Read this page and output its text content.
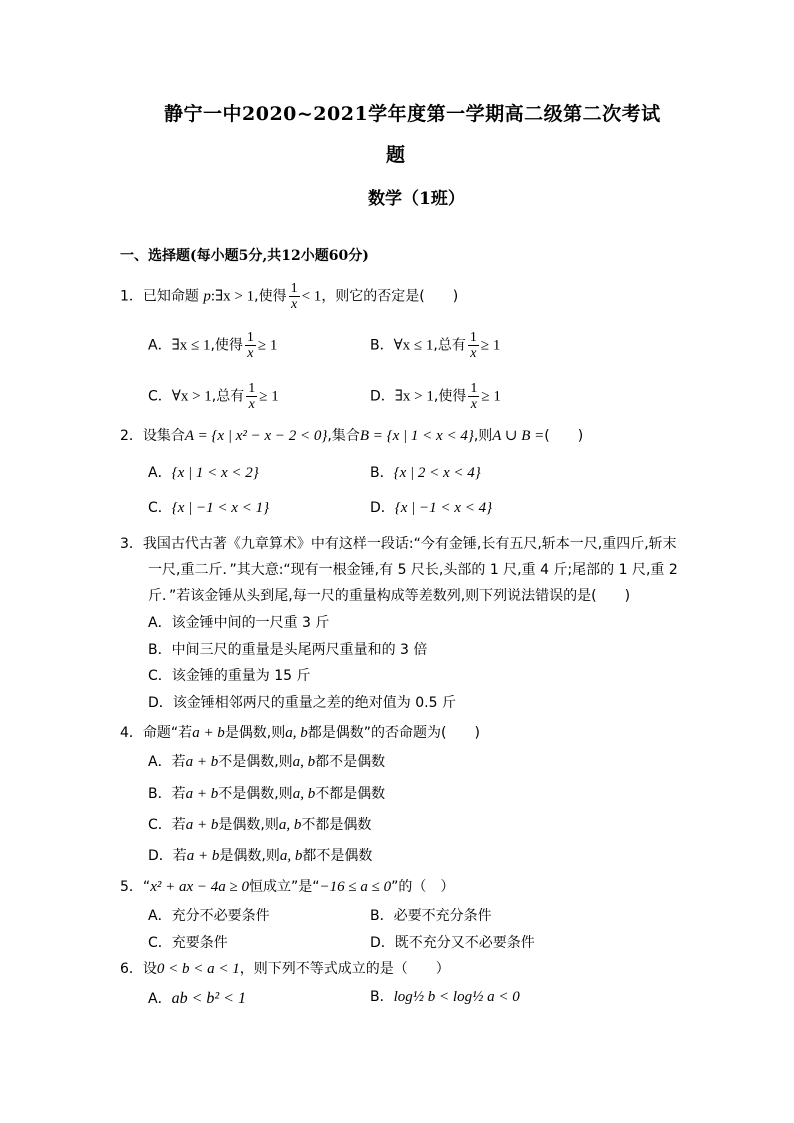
静宁一中2020~2021学年度第一学期高二级第二次考试
题
数学（1班）
一、选择题(每小题5分,共12小题60分)
1．已知命题 p:∃x > 1,使得 $\frac{1}{x} < 1$，则它的否定是(　　)
A．∃x ≤ 1,使得 $\frac{1}{x} \ge 1$	B．∀x ≤ 1,总有 $\frac{1}{x} \ge 1$
C．∀x > 1,总有 $\frac{1}{x} \ge 1$	D．∃x > 1,使得 $\frac{1}{x} \ge 1$
2．设集合A = {x | x² − x − 2 < 0},集合B = {x | 1 < x < 4},则A ∪ B =(　　)
A．{x | 1 < x < 2}	B．{x | 2 < x < 4}
C．{x | −1 < x < 1}	D．{x | −1 < x < 4}
3．我国古代古著《九章算术》中有这样一段话:“今有金锤,长有五尺,斩本一尺,重四斤,斩末
一尺,重二斤．”其大意:“现有一根金锤,有 5 尺长,头部的 1 尺,重 4 斤;尾部的 1 尺,重 2
斤．”若该金锤从头到尾,每一尺的重量构成等差数列,则下列说法错误的是(　　)
A．该金锤中间的一尺重 3 斤
B．中间三尺的重量是头尾两尺重量和的 3 倍
C．该金锤的重量为 15 斤
D．该金锤相邻两尺的重量之差的绝对值为 0.5 斤
4．命题“若a + b是偶数,则a, b都是偶数”的否命题为(　　)
A．若a + b不是偶数,则a, b都不是偶数
B．若a + b不是偶数,则a, b不都是偶数
C．若a + b是偶数,则a, b不都是偶数
D．若a + b是偶数,则a, b都不是偶数
5．“x² + ax − 4a ≥ 0恒成立”是“−16 ≤ a ≤ 0”的（　）
A．充分不必要条件	B．必要不充分条件
C．充要条件	D．既不充分又不必要条件
6．设0 < b < a < 1，则下列不等式成立的是（　　）
A．ab < b² < 1	B．log½ b < log½ a < 0
